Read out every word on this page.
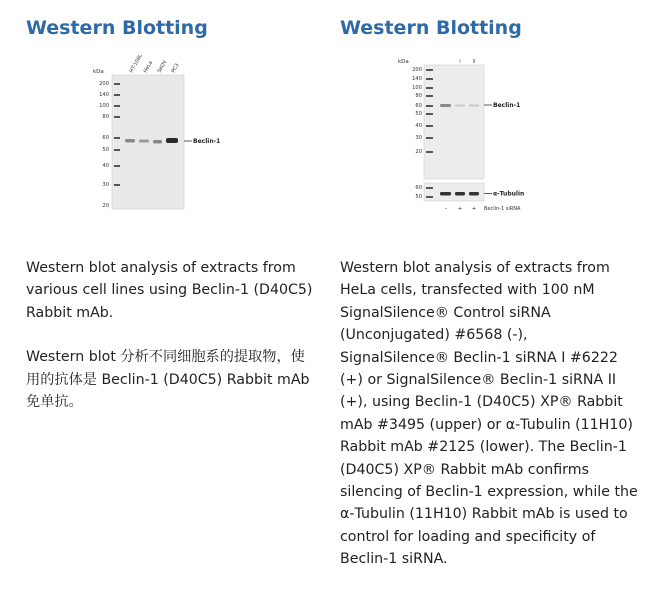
Western Blotting
kDa
200
140
100
80
60
50
40
30
20
HT-1080
HeLa SKOV PC3
Beclin-1

Western blot analysis of extracts from various cell lines using Beclin-1 (D40C5) Rabbit mAb.

Western blot 分析不同细胞系的提取物，使用的抗体是 Beclin-1 (D40C5) Rabbit mAb 免单抗。

Western Blotting
kDa	I II
200
140
100
80
60
50
40
30
20
Beclin-1
60
50	α-Tubulin
– + + Beclin-1 siRNA

Western blot analysis of extracts from HeLa cells, transfected with 100 nM SignalSilence® Control siRNA (Unconjugated) #6568 (-), SignalSilence® Beclin-1 siRNA I #6222 (+) or SignalSilence® Beclin-1 siRNA II (+), using Beclin-1 (D40C5) XP® Rabbit mAb #3495 (upper) or α-Tubulin (11H10) Rabbit mAb #2125 (lower). The Beclin-1 (D40C5) XP® Rabbit mAb confirms silencing of Beclin-1 expression, while the α-Tubulin (11H10) Rabbit mAb is used to control for loading and specificity of Beclin-1 siRNA.
